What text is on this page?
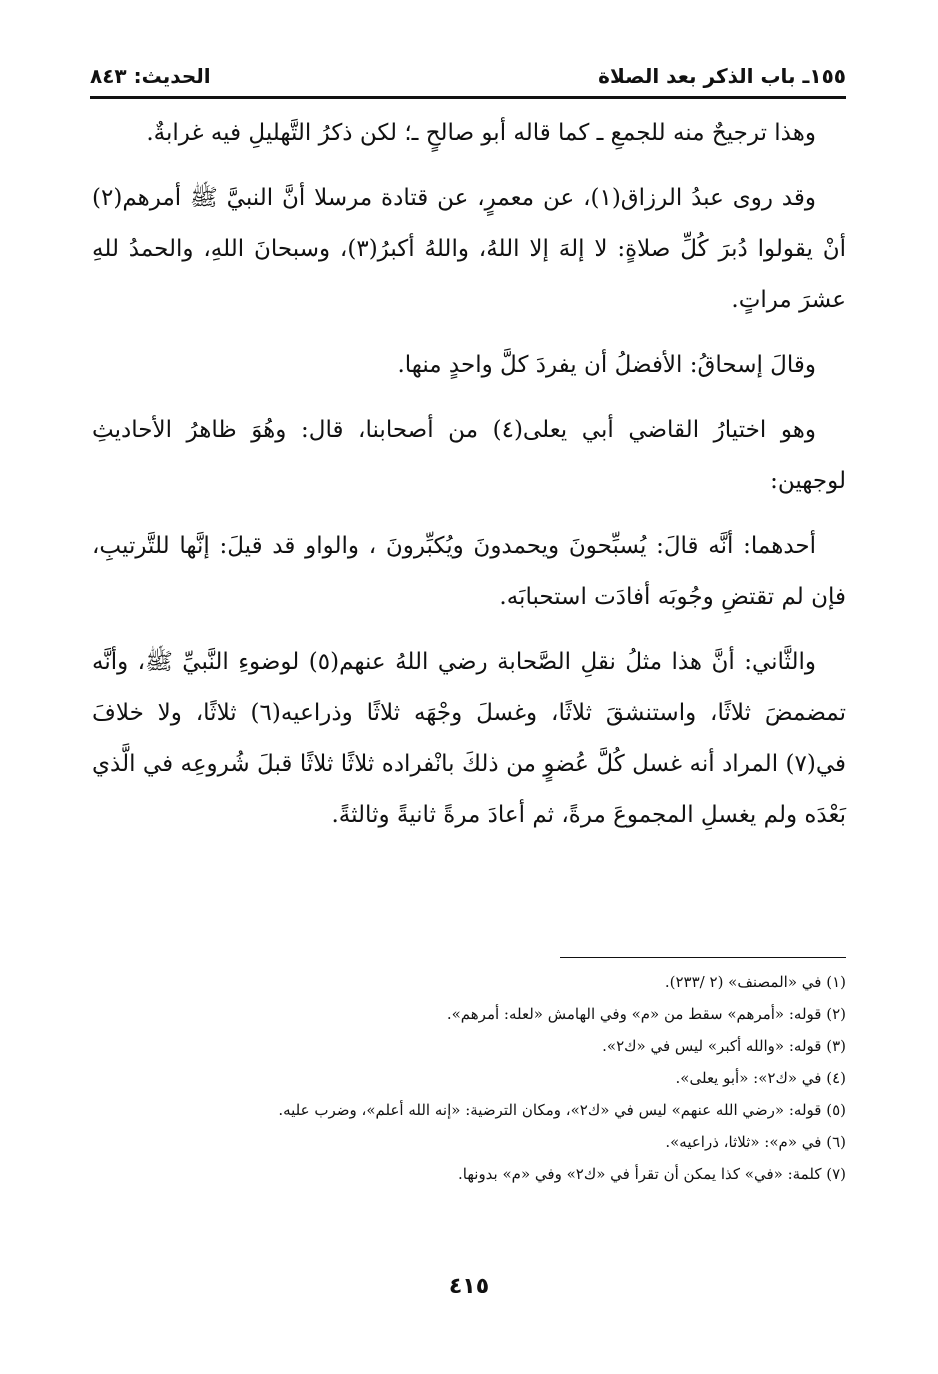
١٥٥ـ باب الذكر بعد الصلاة
الحديث: ٨٤٣

وهذا ترجيحٌ منه للجمعِ ـ كما قاله أبو صالحٍ ـ؛ لكن ذكرُ التَّهليلِ فيه غرابةٌ.

وقد روى عبدُ الرزاق(١)، عن معمرٍ، عن قتادة مرسلا أنَّ النبيَّ ﷺ أمرهم(٢) أنْ يقولوا دُبرَ كُلِّ صلاةٍ: لا إلهَ إلا اللهُ، واللهُ أكبرُ(٣)، وسبحانَ اللهِ، والحمدُ للهِ عشرَ مراتٍ.

وقالَ إسحاقُ: الأفضلُ أن يفردَ كلَّ واحدٍ منها.

وهو اختيارُ القاضي أبي يعلى(٤) من أصحابنا، قال: وهُوَ ظاهرُ الأحاديثِ لوجهين:

أحدهما: أنَّه قالَ: يُسبِّحونَ ويحمدونَ ويُكبِّرونَ ، والواو قد قيلَ: إنَّها للتَّرتيبِ، فإن لم تقتضِ وجُوبَه أفادَت استحبابَه.

والثَّاني: أنَّ هذا مثلُ نقلِ الصَّحابة رضي اللهُ عنهم(٥) لوضوءِ النَّبيِّ ﷺ، وأنَّه تمضمضَ ثلاثًا، واستنشقَ ثلاثًا، وغسلَ وجْهَه ثلاثًا وذراعيه(٦) ثلاثًا، ولا خلافَ في(٧) المراد أنه غسل كُلَّ عُضوٍ من ذلكَ بانْفراده ثلاثًا ثلاثًا قبلَ شُروعِه في الَّذي بَعْدَه ولم يغسلِ المجموعَ مرةً، ثم أعادَ مرةً ثانيةً وثالثةً.

(١) في «المصنف» (٢ /٢٣٣).
(٢) قوله: «أمرهم» سقط من «م» وفي الهامش «لعله: أمرهم».
(٣) قوله: «والله أكبر» ليس في «ك٢».
(٤) في «ك٢»: «أبو يعلى».
(٥) قوله: «رضي الله عنهم» ليس في «ك٢»، ومكان الترضية: «إنه الله أعلم»، وضرب عليه.
(٦) في «م»: «ثلاثا، ذراعيه».
(٧) كلمة: «في» كذا يمكن أن تقرأ في «ك٢» وفي «م» بدونها.
٤١٥
